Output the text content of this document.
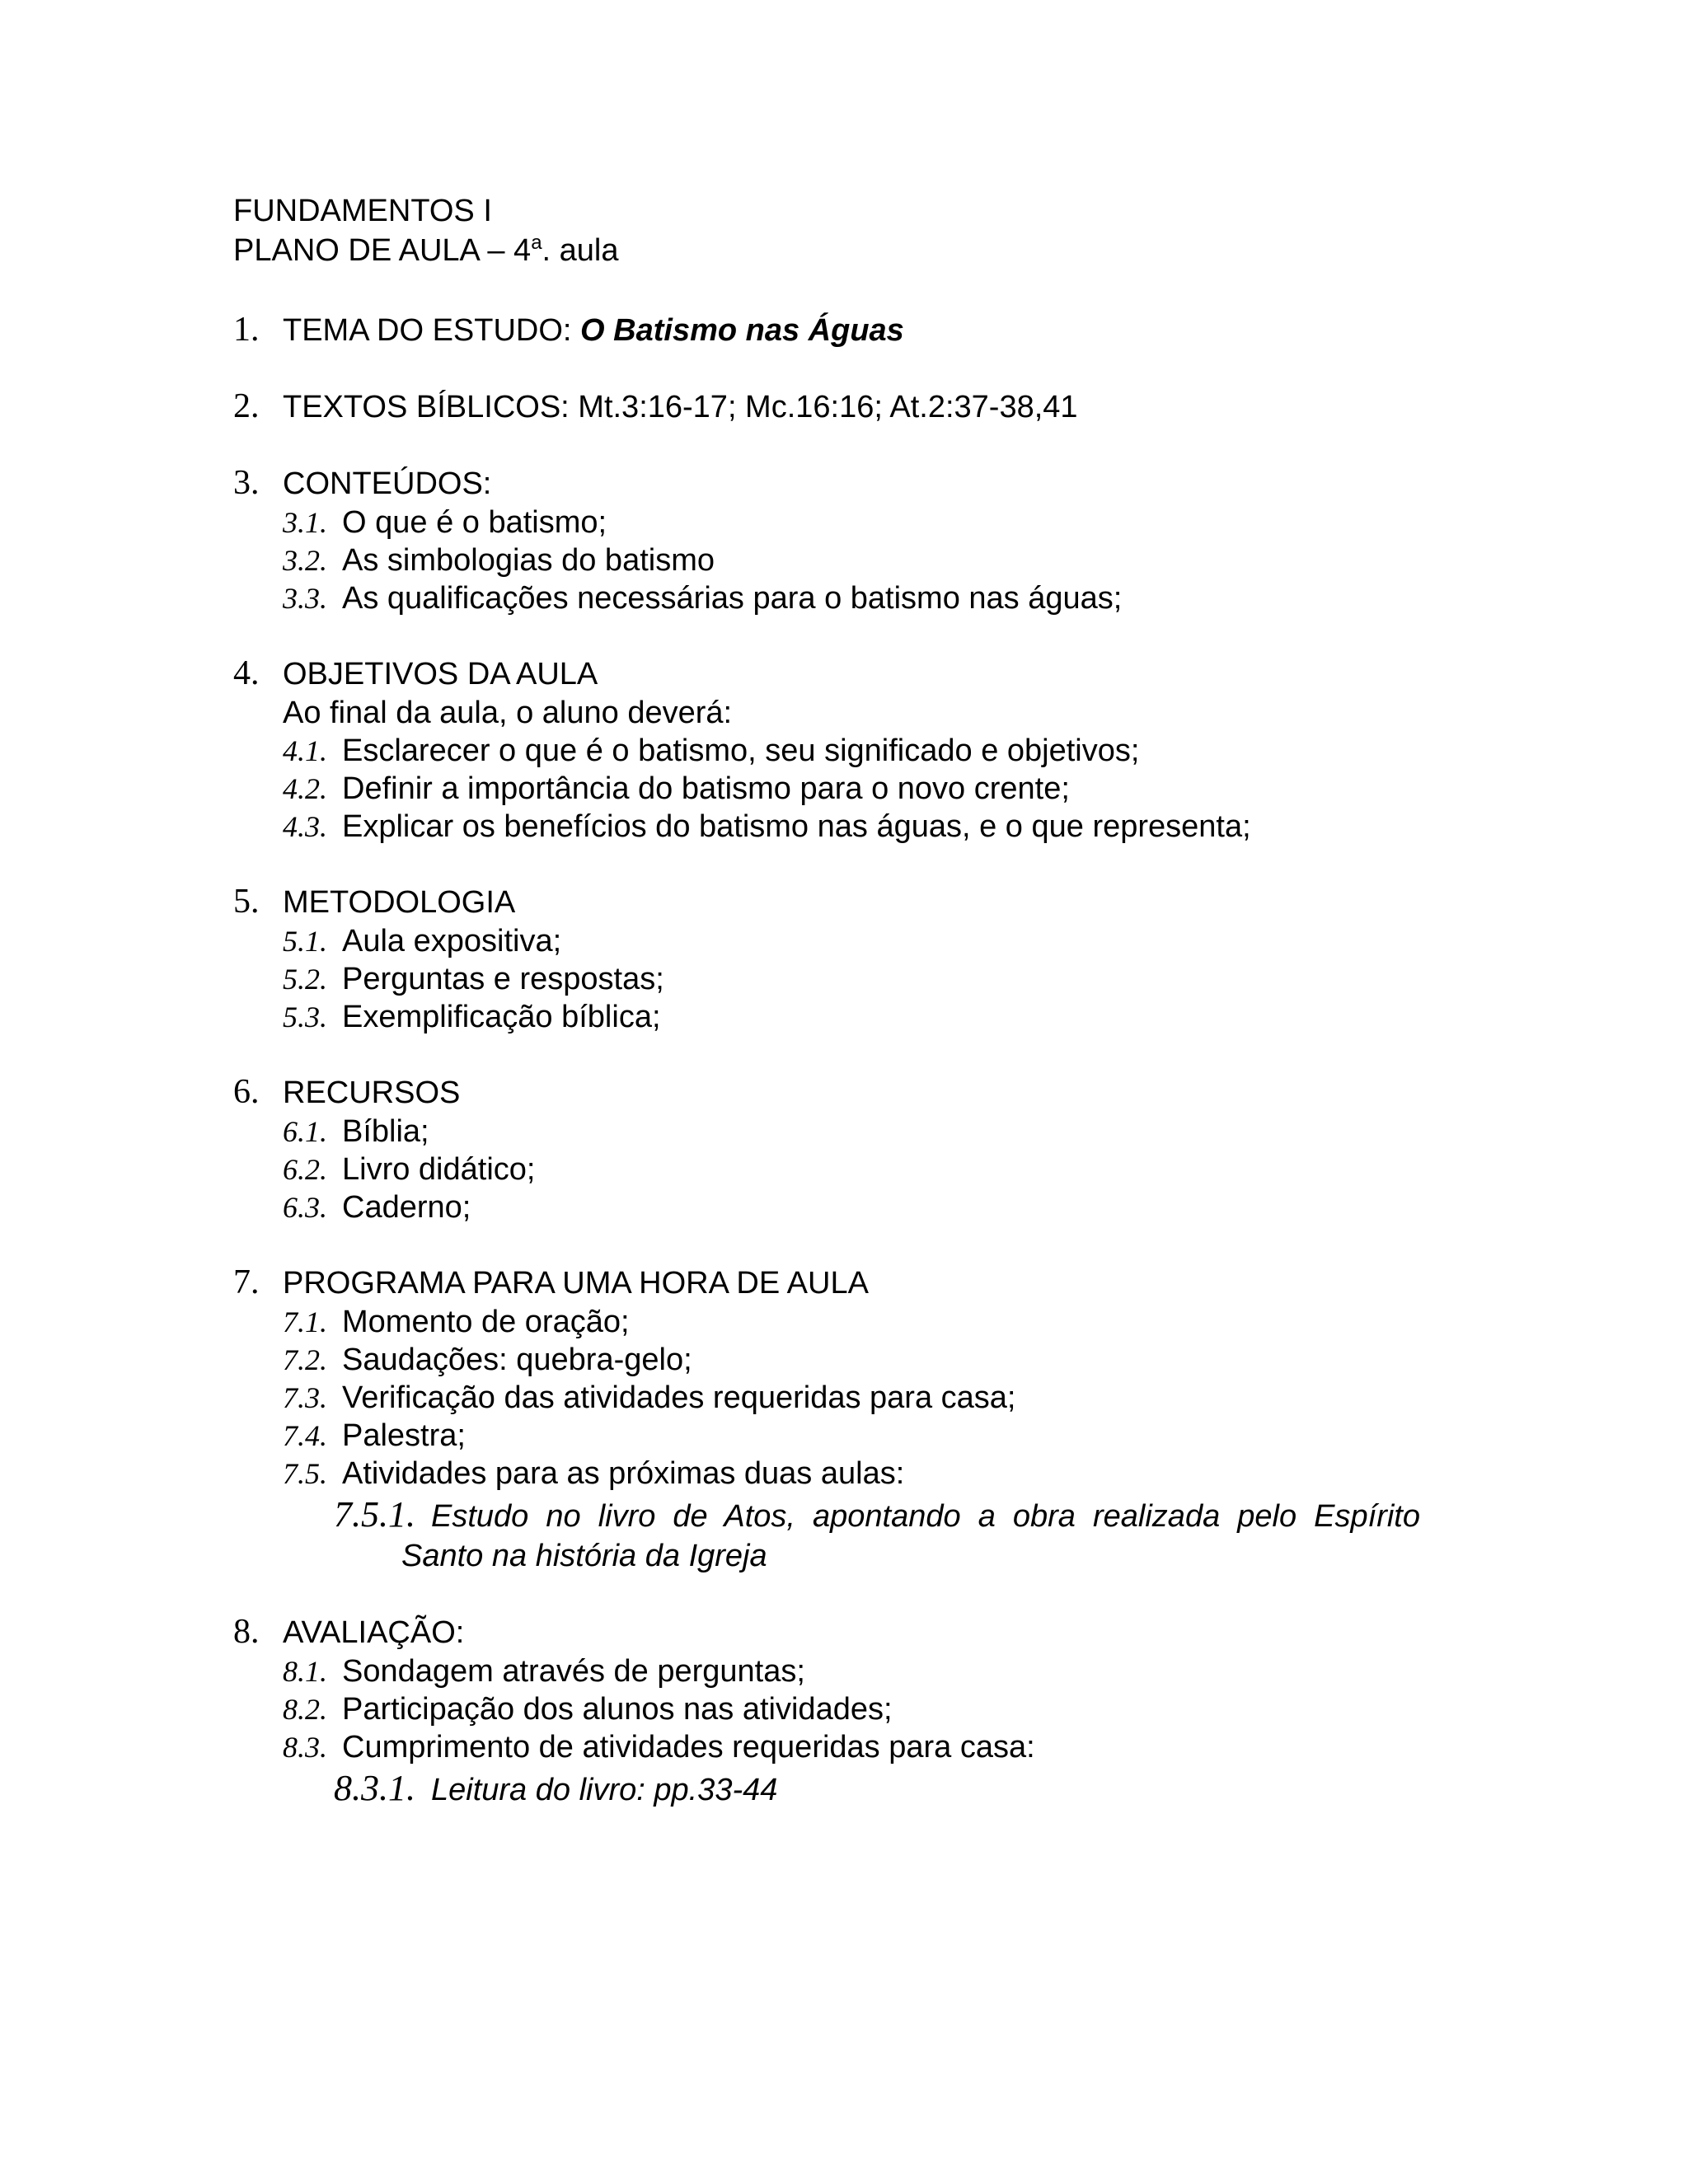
FUNDAMENTOS I
PLANO DE AULA – 4$^a$. aula
1. TEMA DO ESTUDO: O Batismo nas Águas
2. TEXTOS BÍBLICOS: Mt.3:16-17; Mc.16:16; At.2:37-38,41
3. CONTEÚDOS:
3.1. O que é o batismo;
3.2. As simbologias do batismo
3.3. As qualificações necessárias para o batismo nas águas;
4. OBJETIVOS DA AULA
Ao final da aula, o aluno deverá:
4.1. Esclarecer o que é o batismo, seu significado e objetivos;
4.2. Definir a importância do batismo para o novo crente;
4.3. Explicar os benefícios do batismo nas águas, e o que representa;
5. METODOLOGIA
5.1. Aula expositiva;
5.2. Perguntas e respostas;
5.3. Exemplificação bíblica;
6. RECURSOS
6.1. Bíblia;
6.2. Livro didático;
6.3. Caderno;
7. PROGRAMA PARA UMA HORA DE AULA
7.1. Momento de oração;
7.2. Saudações: quebra-gelo;
7.3. Verificação das atividades requeridas para casa;
7.4. Palestra;
7.5. Atividades para as próximas duas aulas:
7.5.1. Estudo no livro de Atos, apontando a obra realizada pelo Espírito
Santo na história da Igreja
8. AVALIAÇÃO:
8.1. Sondagem através de perguntas;
8.2. Participação dos alunos nas atividades;
8.3. Cumprimento de atividades requeridas para casa:
8.3.1. Leitura do livro: pp.33-44
